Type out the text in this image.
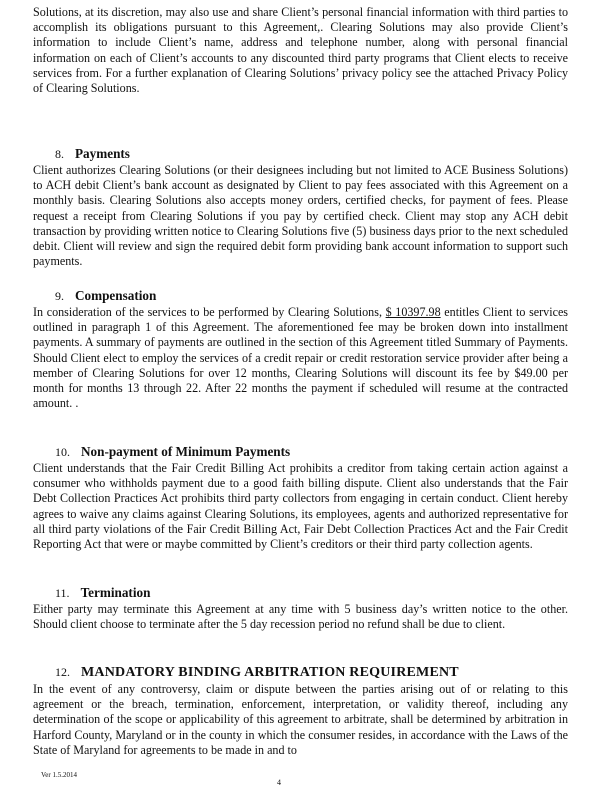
Solutions, at its discretion, may also use and share Client’s personal financial information with third parties to accomplish its obligations pursuant to this Agreement,. Clearing Solutions may also provide Client’s information to include Client’s name, address and telephone number, along with personal financial information on each of Client’s accounts to any discounted third party programs that Client elects to receive services from. For a further explanation of Clearing Solutions’ privacy policy see the attached Privacy Policy of Clearing Solutions.

8. Payments

Client authorizes Clearing Solutions (or their designees including but not limited to ACE Business Solutions) to ACH debit Client’s bank account as designated by Client to pay fees associated with this Agreement on a monthly basis. Clearing Solutions also accepts money orders, certified checks, for payment of fees. Please request a receipt from Clearing Solutions if you pay by certified check. Client may stop any ACH debit transaction by providing written notice to Clearing Solutions five (5) business days prior to the next scheduled debit. Client will review and sign the required debit form providing bank account information to support such payments.

9. Compensation

In consideration of the services to be performed by Clearing Solutions, $ 10397.98 entitles Client to services outlined in paragraph 1 of this Agreement. The aforementioned fee may be broken down into installment payments. A summary of payments are outlined in the section of this Agreement titled Summary of Payments. Should Client elect to employ the services of a credit repair or credit restoration service provider after being a member of Clearing Solutions for over 12 months, Clearing Solutions will discount its fee by $49.00 per month for months 13 through 22. After 22 months the payment if scheduled will resume at the contracted amount. .

10. Non-payment of Minimum Payments

Client understands that the Fair Credit Billing Act prohibits a creditor from taking certain action against a consumer who withholds payment due to a good faith billing dispute. Client also understands that the Fair Debt Collection Practices Act prohibits third party collectors from engaging in certain conduct. Client hereby agrees to waive any claims against Clearing Solutions, its employees, agents and authorized representative for all third party violations of the Fair Credit Billing Act, Fair Debt Collection Practices Act and the Fair Credit Reporting Act that were or maybe committed by Client’s creditors or their third party collection agents.

11. Termination

Either party may terminate this Agreement at any time with 5 business day’s written notice to the other. Should client choose to terminate after the 5 day recession period no refund shall be due to client.

12. MANDATORY BINDING ARBITRATION REQUIREMENT

In the event of any controversy, claim or dispute between the parties arising out of or relating to this agreement or the breach, termination, enforcement, interpretation, or validity thereof, including any determination of the scope or applicability of this agreement to arbitrate, shall be determined by arbitration in Harford County, Maryland or in the county in which the consumer resides, in accordance with the Laws of the State of Maryland for agreements to be made in and to

Ver 1.5.2014
4
